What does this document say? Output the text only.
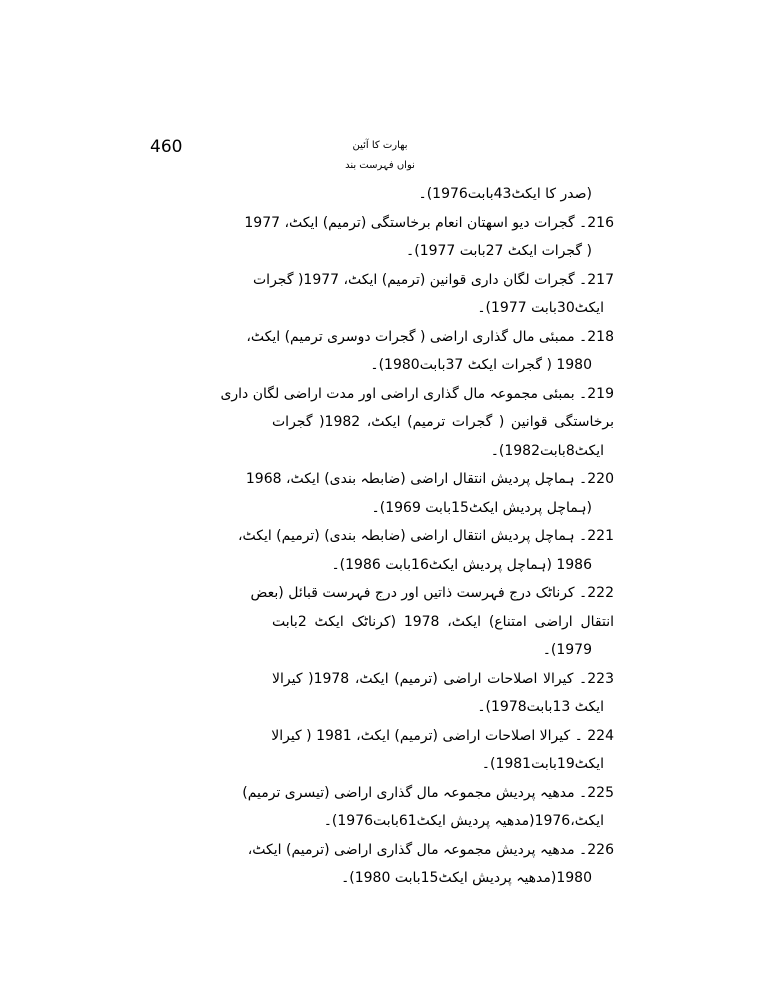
460	بھارت کا آئین
نواں فہرست بند
(صدر کا ایکٹ43بابت1976)۔
216۔ گجرات دیو اسھتان انعام برخاستگی (ترمیم) ایکٹ، 1977
( گجرات ایکٹ 27بابت 1977)۔
217۔ گجرات لگان داری قوانین (ترمیم) ایکٹ، 1977( گجرات
ایکٹ30بابت 1977)۔
218۔ ممبئی مال گذاری اراضی ( گجرات دوسری ترمیم) ایکٹ،
1980 ( گجرات ایکٹ 37بابت1980)۔
219۔ بمبئی مجموعہ مال گذاری اراضی اور مدت اراضی لگان داری
برخاستگی قوانین ( گجرات ترمیم) ایکٹ، 1982( گجرات
ایکٹ8بابت1982)۔
220۔ ہماچل پردیش انتقال اراضی (ضابطہ بندی) ایکٹ، 1968
(ہماچل پردیش ایکٹ15بابت 1969)۔
221۔ ہماچل پردیش انتقال اراضی (ضابطہ بندی) (ترمیم) ایکٹ،
1986 (ہماچل پردیش ایکٹ16بابت 1986)۔
222۔ کرناٹک درج فہرست ذاتیں اور درج فہرست قبائل (بعض
انتقال اراضی امتناع) ایکٹ، 1978 (کرناٹک ایکٹ 2بابت
1979)۔
223۔ کیرالا اصلاحات اراضی (ترمیم) ایکٹ، 1978( کیرالا
ایکٹ 13بابت1978)۔
224 ۔ کیرالا اصلاحات اراضی (ترمیم) ایکٹ، 1981 ( کیرالا
ایکٹ19بابت1981)۔
225۔ مدھیہ پردیش مجموعہ مال گذاری اراضی (تیسری ترمیم)
ایکٹ،1976(مدھیہ پردیش ایکٹ61بابت1976)۔
226۔ مدھیہ پردیش مجموعہ مال گذاری اراضی (ترمیم) ایکٹ،
1980(مدھیہ پردیش ایکٹ15بابت 1980)۔
